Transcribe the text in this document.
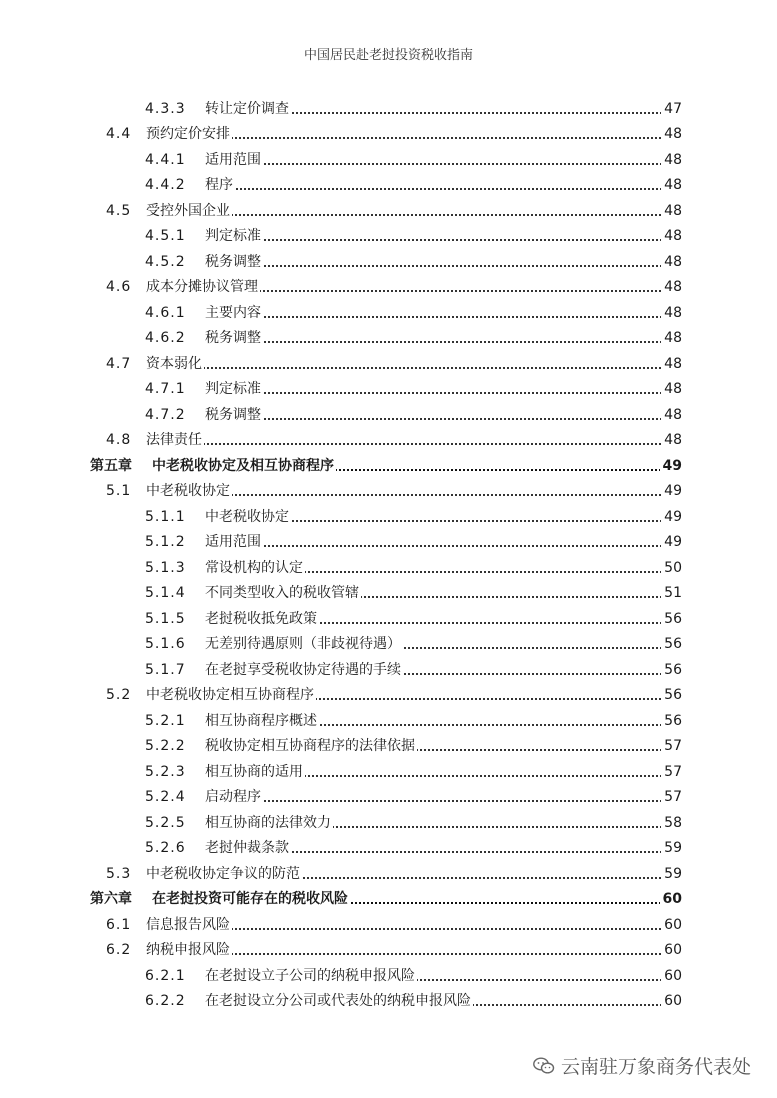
中国居民赴老挝投资税收指南
4.3.3 转让定价调查	47
4.4 预约定价安排	48
4.4.1 适用范围	48
4.4.2 程序	48
4.5 受控外国企业	48
4.5.1 判定标准	48
4.5.2 税务调整	48
4.6 成本分摊协议管理	48
4.6.1 主要内容	48
4.6.2 税务调整	48
4.7 资本弱化	48
4.7.1 判定标准	48
4.7.2 税务调整	48
4.8 法律责任	48
第五章 中老税收协定及相互协商程序	49
5.1 中老税收协定	49
5.1.1 中老税收协定	49
5.1.2 适用范围	49
5.1.3 常设机构的认定	50
5.1.4 不同类型收入的税收管辖	51
5.1.5 老挝税收抵免政策	56
5.1.6 无差别待遇原则（非歧视待遇）	56
5.1.7 在老挝享受税收协定待遇的手续	56
5.2 中老税收协定相互协商程序	56
5.2.1 相互协商程序概述	56
5.2.2 税收协定相互协商程序的法律依据	57
5.2.3 相互协商的适用	57
5.2.4 启动程序	57
5.2.5 相互协商的法律效力	58
5.2.6 老挝仲裁条款	59
5.3 中老税收协定争议的防范	59
第六章 在老挝投资可能存在的税收风险	60
6.1 信息报告风险	60
6.2 纳税申报风险	60
6.2.1 在老挝设立子公司的纳税申报风险	60
6.2.2 在老挝设立分公司或代表处的纳税申报风险	60
云南驻万象商务代表处
